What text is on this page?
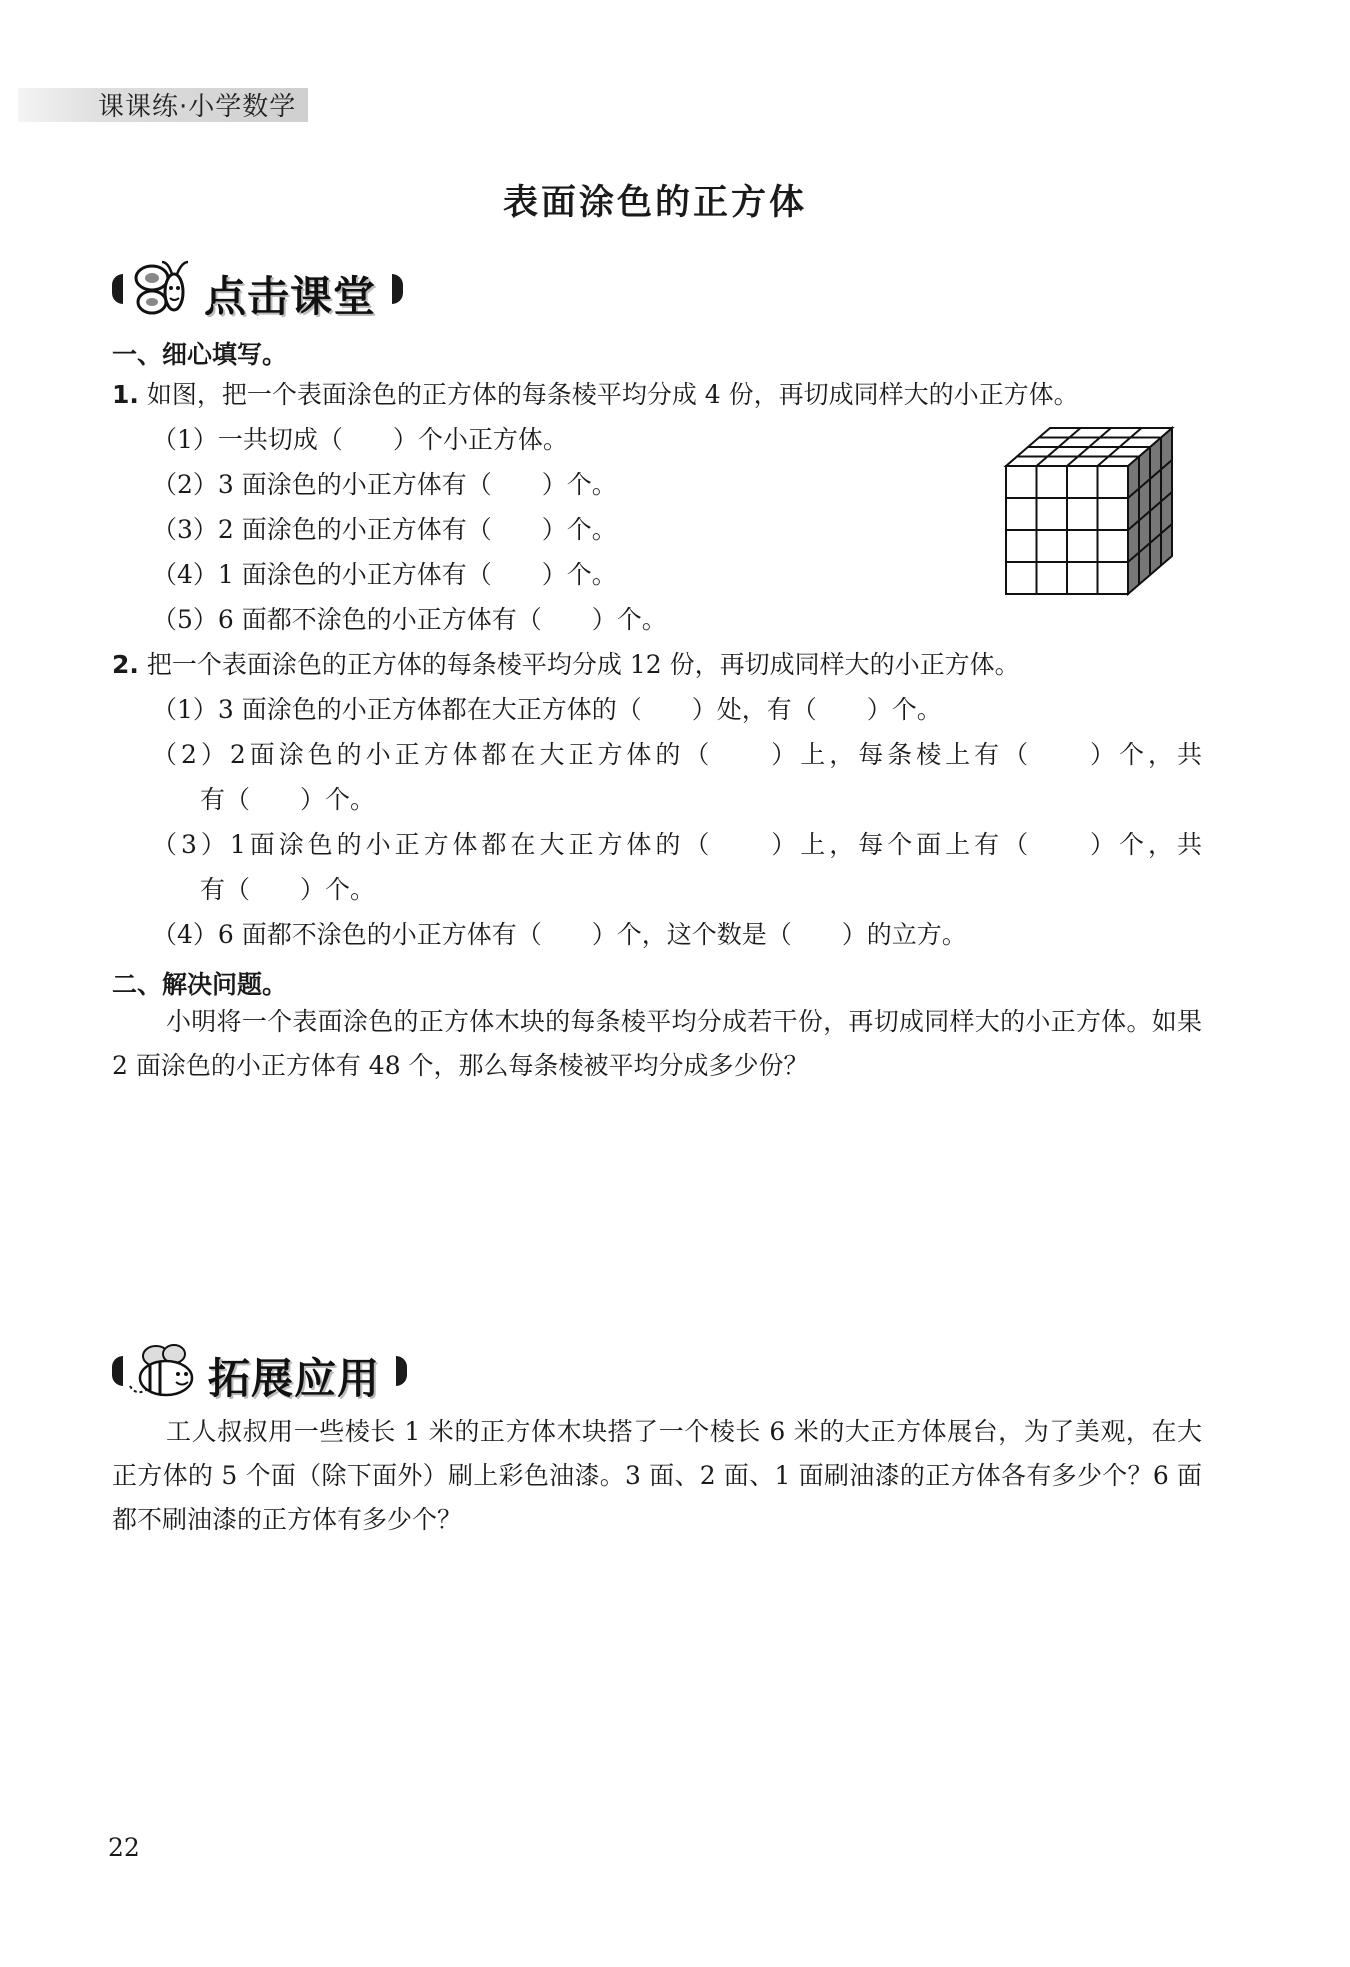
课课练·小学数学
表面涂色的正方体
点击课堂
一、细心填写。
1. 如图，把一个表面涂色的正方体的每条棱平均分成 4 份，再切成同样大的小正方体。
（1）一共切成（　　）个小正方体。
（2）3 面涂色的小正方体有（　　）个。
（3）2 面涂色的小正方体有（　　）个。
（4）1 面涂色的小正方体有（　　）个。
（5）6 面都不涂色的小正方体有（　　）个。
2. 把一个表面涂色的正方体的每条棱平均分成 12 份，再切成同样大的小正方体。
（1）3 面涂色的小正方体都在大正方体的（　　）处，有（　　）个。
（2）2面涂色的小正方体都在大正方体的（　　）上，每条棱上有（　　）个，共
有（　　）个。
（3）1面涂色的小正方体都在大正方体的（　　）上，每个面上有（　　）个，共
有（　　）个。
（4）6 面都不涂色的小正方体有（　　）个，这个数是（　　）的立方。
二、解决问题。
小明将一个表面涂色的正方体木块的每条棱平均分成若干份，再切成同样大的小正方体。如果 2 面涂色的小正方体有 48 个，那么每条棱被平均分成多少份？
拓展应用
工人叔叔用一些棱长 1 米的正方体木块搭了一个棱长 6 米的大正方体展台，为了美观，在大正方体的 5 个面（除下面外）刷上彩色油漆。3 面、2 面、1 面刷油漆的正方体各有多少个？6 面都不刷油漆的正方体有多少个？
22
